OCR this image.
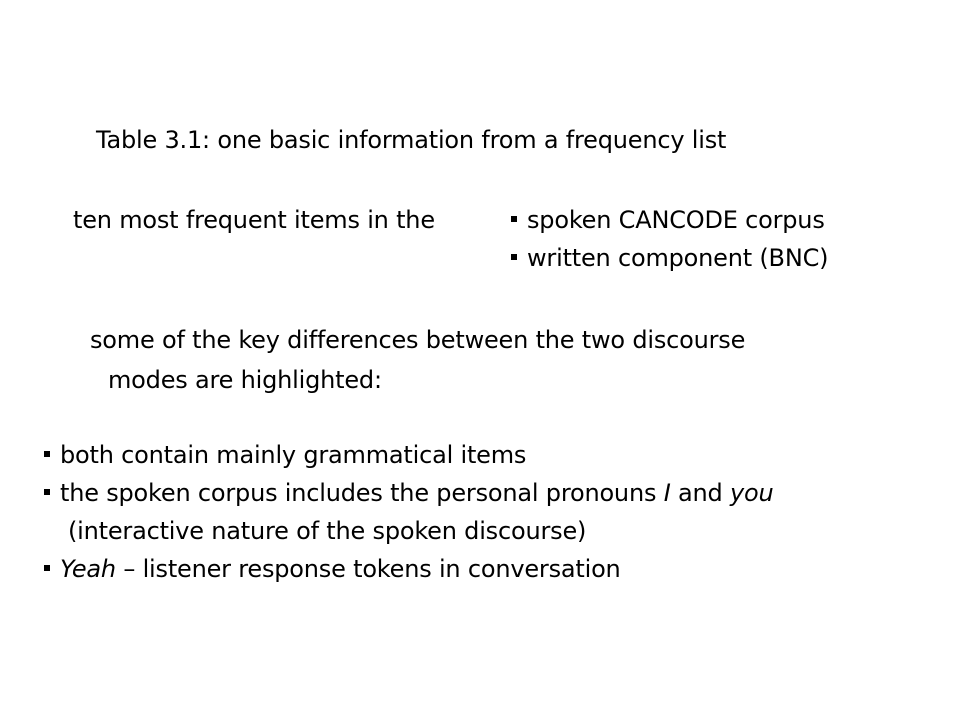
Table 3.1: one basic information from a frequency list
ten most frequent items in the	spoken CANCODE corpus
written component (BNC)
some of the key differences between the two discourse
modes are highlighted:
both contain mainly grammatical items
the spoken corpus includes the personal pronouns I and you
(interactive nature of the spoken discourse)
Yeah – listener response tokens in conversation
